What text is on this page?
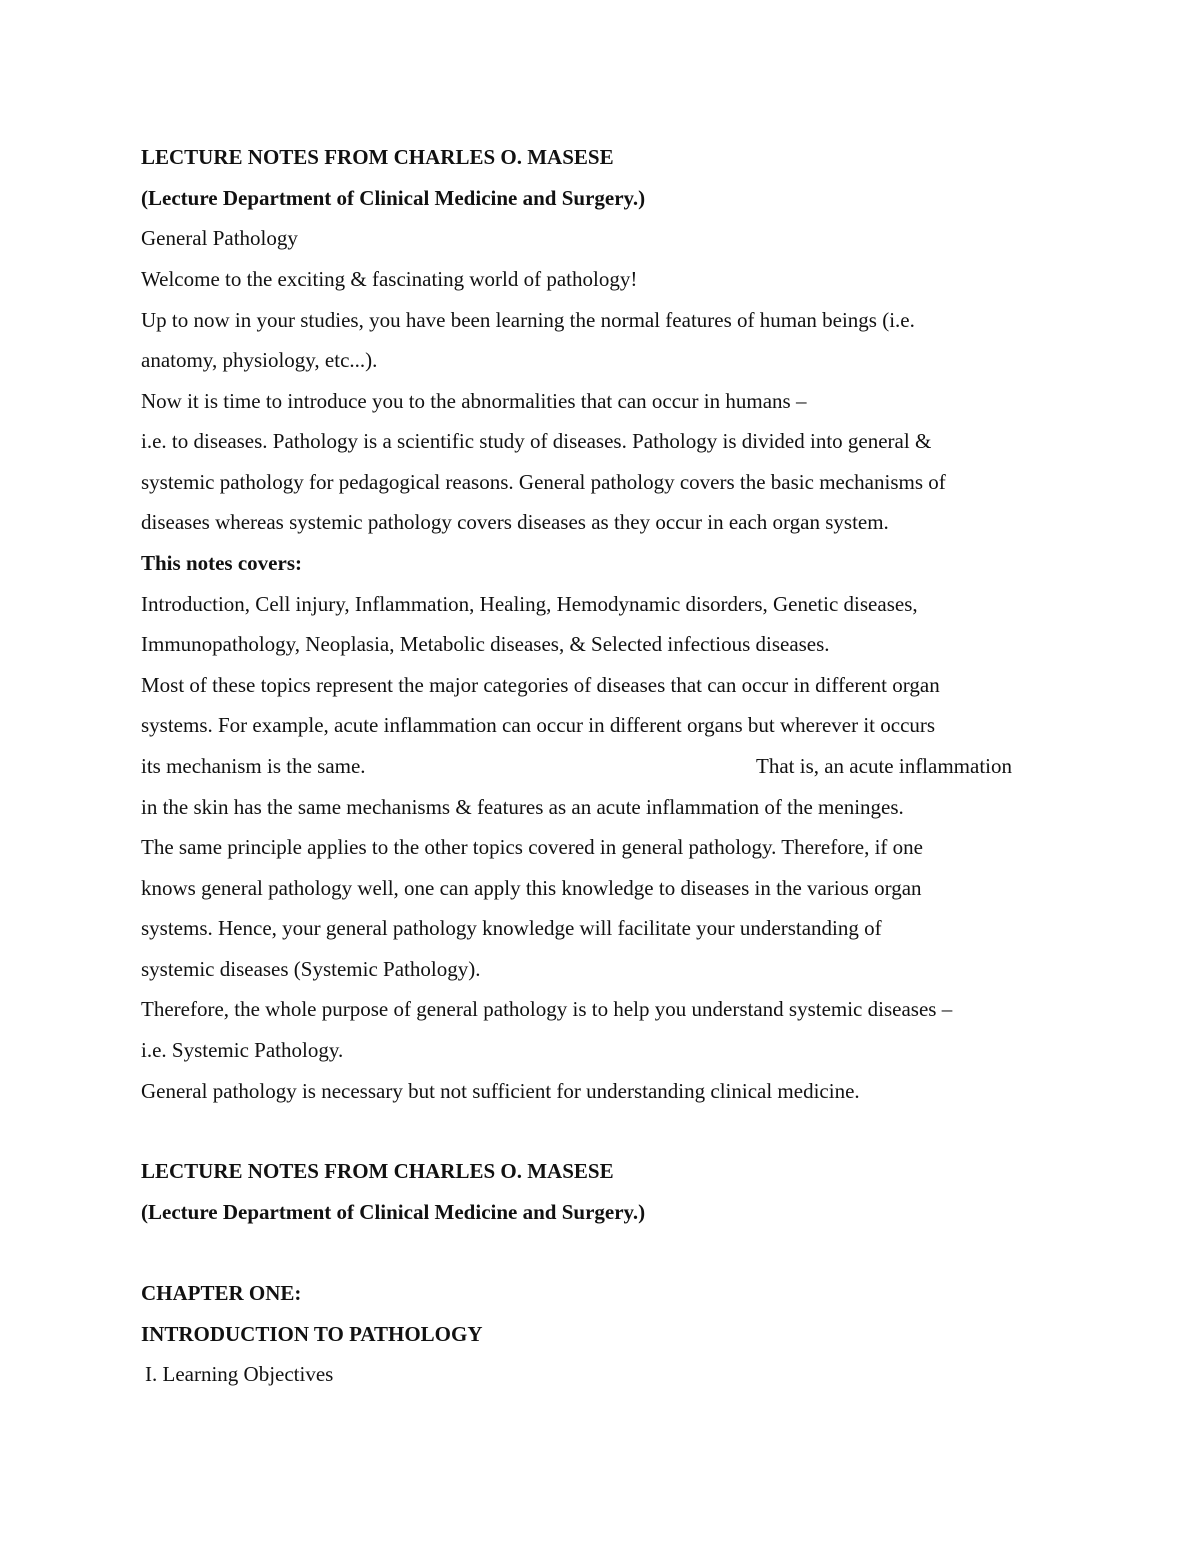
LECTURE NOTES FROM CHARLES O. MASESE

(Lecture Department of Clinical Medicine and Surgery.)

General Pathology

Welcome to the exciting & fascinating world of pathology!

Up to now in your studies, you have been learning the normal features of human beings (i.e.

anatomy, physiology, etc...).

Now it is time to introduce you to the abnormalities that can occur in humans –

i.e. to diseases. Pathology is a scientific study of diseases. Pathology is divided into general &

systemic pathology for pedagogical reasons. General pathology covers the basic mechanisms of

diseases whereas systemic pathology covers diseases as they occur in each organ system.

This notes covers:

Introduction, Cell injury, Inflammation, Healing, Hemodynamic disorders, Genetic diseases,

Immunopathology, Neoplasia, Metabolic diseases, & Selected infectious diseases.

Most of these topics represent the major categories of diseases that can occur in different organ

systems. For example, acute inflammation can occur in different organs but wherever it occurs

its mechanism is the same.	That is, an acute inflammation

in the skin has the same mechanisms & features as an acute inflammation of the meninges.

The same principle applies to the other topics covered in general pathology. Therefore, if one

knows general pathology well, one can apply this knowledge to diseases in the various organ

systems. Hence, your general pathology knowledge will facilitate your understanding of

systemic diseases (Systemic Pathology).

Therefore, the whole purpose of general pathology is to help you understand systemic diseases –

i.e. Systemic Pathology.

General pathology is necessary but not sufficient for understanding clinical medicine.

LECTURE NOTES FROM CHARLES O. MASESE

(Lecture Department of Clinical Medicine and Surgery.)

CHAPTER ONE:

INTRODUCTION TO PATHOLOGY

I. Learning Objectives
